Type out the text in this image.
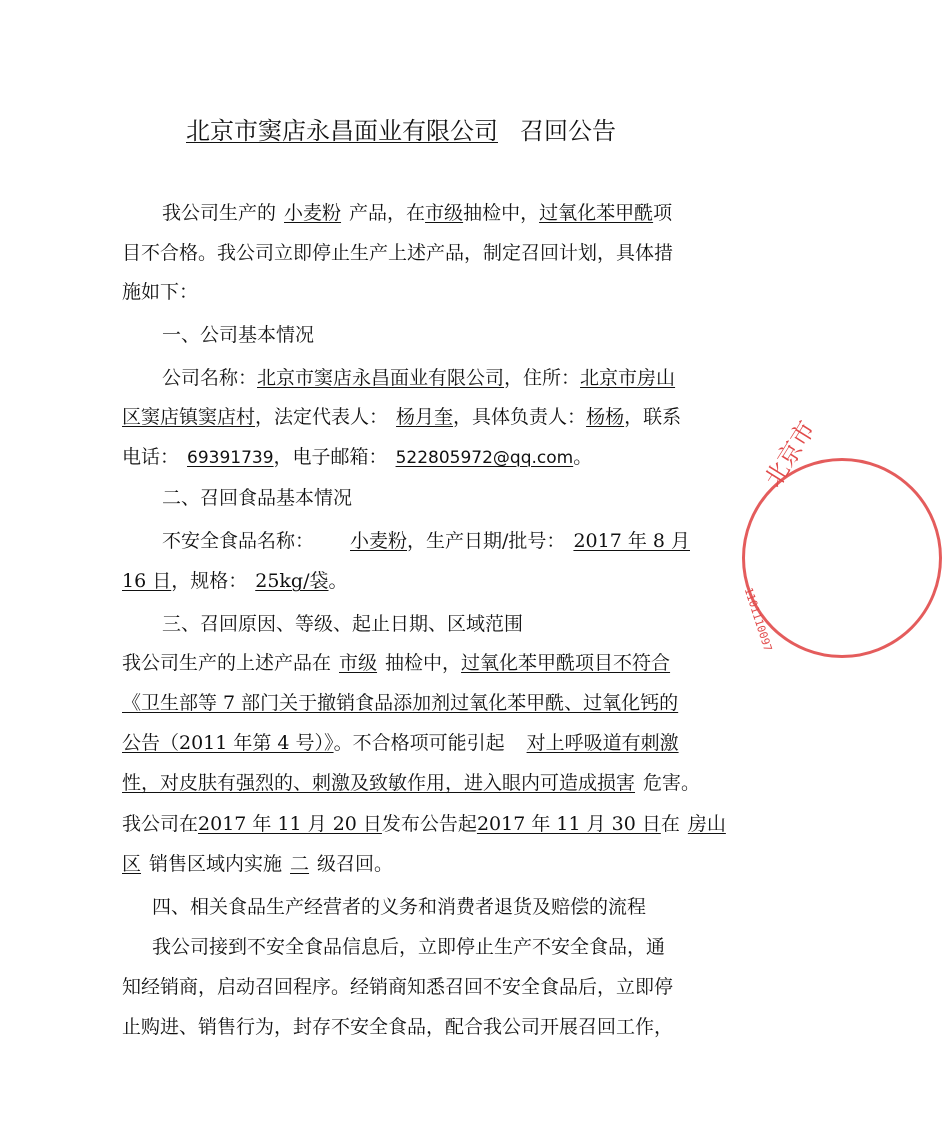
北京市窦店永昌面业有限公司 召回公告
我公司生产的 小麦粉 产品，在市级抽检中，过氧化苯甲酰项
目不合格。我公司立即停止生产上述产品，制定召回计划，具体措
施如下：
一、公司基本情况
公司名称：北京市窦店永昌面业有限公司，住所：北京市房山
区窦店镇窦店村，法定代表人： 杨月奎，具体负责人：杨杨，联系
电话： 69391739，电子邮箱： 522805972@qq.com。
二、召回食品基本情况
不安全食品名称： 小麦粉，生产日期/批号： 2017 年 8 月
16 日，规格： 25kg/袋。
三、召回原因、等级、起止日期、区域范围
我公司生产的上述产品在 市级 抽检中，过氧化苯甲酰项目不符合
《卫生部等 7 部门关于撤销食品添加剂过氧化苯甲酰、过氧化钙的
公告（2011 年第 4 号）》。不合格项可能引起 对上呼吸道有刺激
性，对皮肤有强烈的、刺激及致敏作用，进入眼内可造成损害 危害。
我公司在2017 年 11 月 20 日发布公告起2017 年 11 月 30 日在 房山
区 销售区域内实施 二 级召回。
四、相关食品生产经营者的义务和消费者退货及赔偿的流程
我公司接到不安全食品信息后，立即停止生产不安全食品，通
知经销商，启动召回程序。经销商知悉召回不安全食品后，立即停
止购进、销售行为，封存不安全食品，配合我公司开展召回工作，
北京市
1101110097
